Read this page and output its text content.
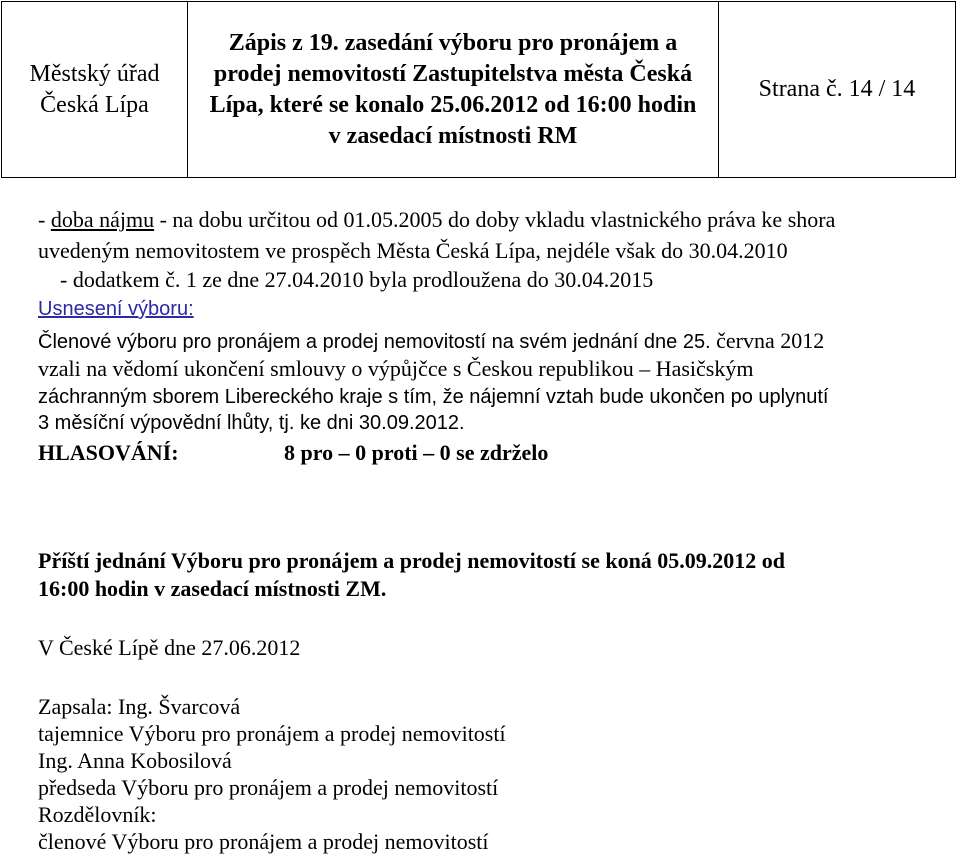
Městský úřad
Česká Lípa
Zápis z 19. zasedání výboru pro pronájem a
prodej nemovitostí Zastupitelstva města Česká
Lípa, které se konalo 25.06.2012 od 16:00 hodin
v zasedací místnosti RM
Strana č. 14 / 14
- doba nájmu - na dobu určitou od 01.05.2005 do doby vkladu vlastnického práva ke shora
uvedeným nemovitostem ve prospěch Města Česká Lípa, nejdéle však do 30.04.2010
- dodatkem č. 1 ze dne 27.04.2010 byla prodloužena do 30.04.2015
Usnesení výboru:
Členové výboru pro pronájem a prodej nemovitostí na svém jednání dne 25. června 2012
vzali na vědomí ukončení smlouvy o výpůjčce s Českou republikou – Hasičským
záchranným sborem Libereckého kraje s tím, že nájemní vztah bude ukončen po uplynutí
3 měsíční výpovědní lhůty, tj. ke dni 30.09.2012.
HLASOVÁNÍ:	8 pro – 0 proti – 0 se zdrželo
Příští jednání Výboru pro pronájem a prodej nemovitostí se koná 05.09.2012 od
16:00 hodin v zasedací místnosti ZM.
V České Lípě dne 27.06.2012
Zapsala: Ing. Švarcová
tajemnice Výboru pro pronájem a prodej nemovitostí
Ing. Anna Kobosilová
předseda Výboru pro pronájem a prodej nemovitostí
Rozdělovník:
členové Výboru pro pronájem a prodej nemovitostí
